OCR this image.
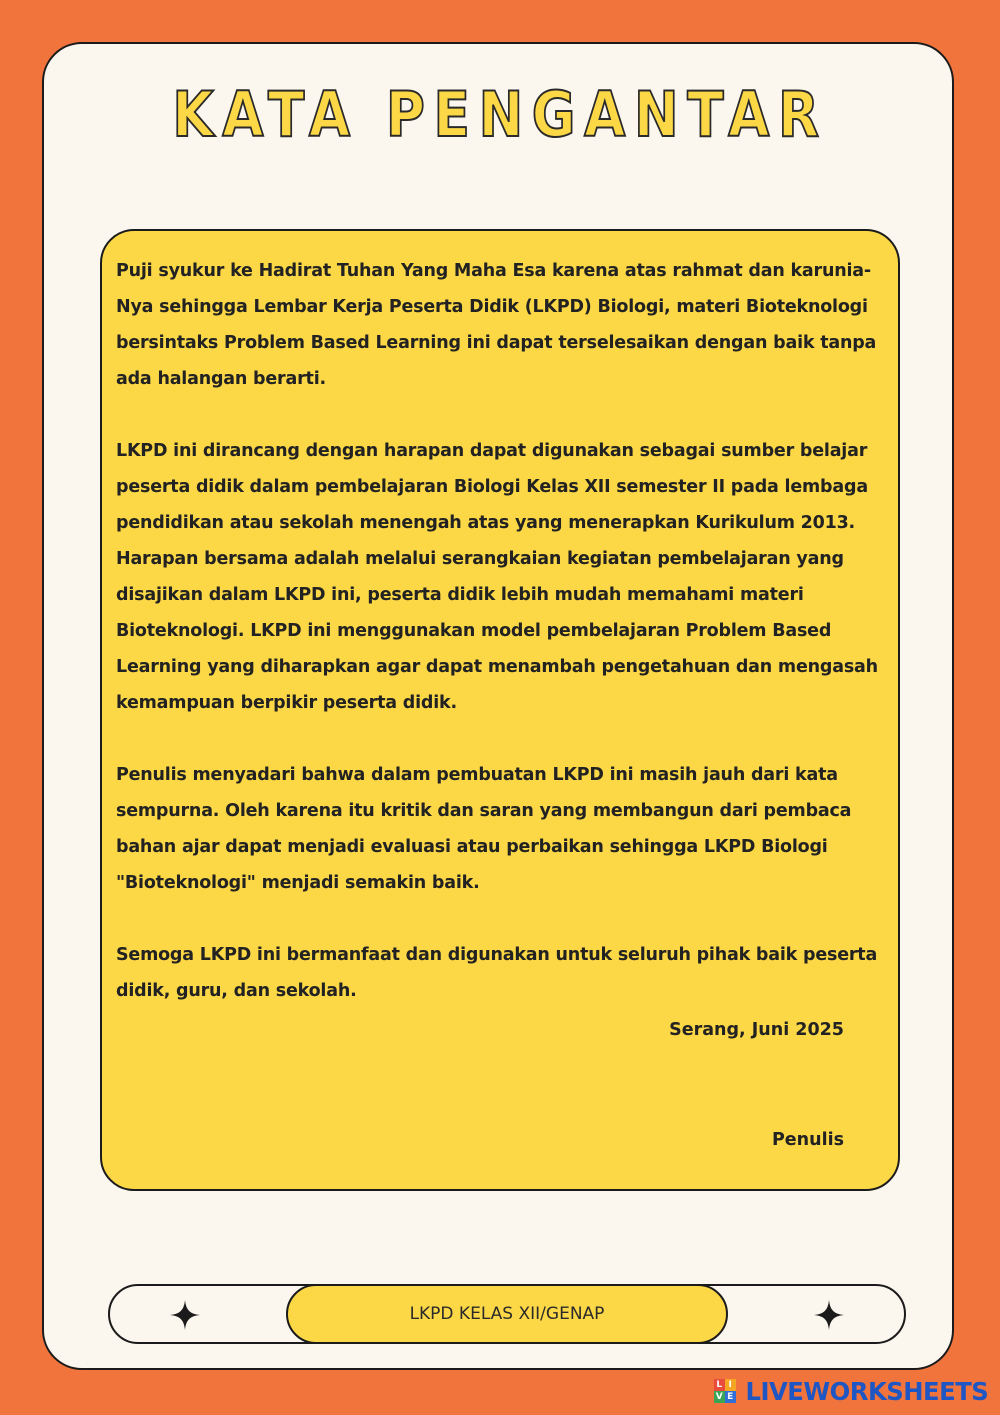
KATA PENGANTAR

Puji syukur ke Hadirat Tuhan Yang Maha Esa karena atas rahmat dan karunia-
Nya sehingga Lembar Kerja Peserta Didik (LKPD) Biologi, materi Bioteknologi
bersintaks Problem Based Learning ini dapat terselesaikan dengan baik tanpa
ada halangan berarti.

LKPD ini dirancang dengan harapan dapat digunakan sebagai sumber belajar
peserta didik dalam pembelajaran Biologi Kelas XII semester II pada lembaga
pendidikan atau sekolah menengah atas yang menerapkan Kurikulum 2013.
Harapan bersama adalah melalui serangkaian kegiatan pembelajaran yang
disajikan dalam LKPD ini, peserta didik lebih mudah memahami materi
Bioteknologi. LKPD ini menggunakan model pembelajaran Problem Based
Learning yang diharapkan agar dapat menambah pengetahuan dan mengasah
kemampuan berpikir peserta didik.

Penulis menyadari bahwa dalam pembuatan LKPD ini masih jauh dari kata
sempurna. Oleh karena itu kritik dan saran yang membangun dari pembaca
bahan ajar dapat menjadi evaluasi atau perbaikan sehingga LKPD Biologi
"Bioteknologi" menjadi semakin baik.

Semoga LKPD ini bermanfaat dan digunakan untuk seluruh pihak baik peserta
didik, guru, dan sekolah.

Serang, Juni 2025
Penulis
LKPD KELAS XII/GENAP
L I
V E LIVEWORKSHEETS
